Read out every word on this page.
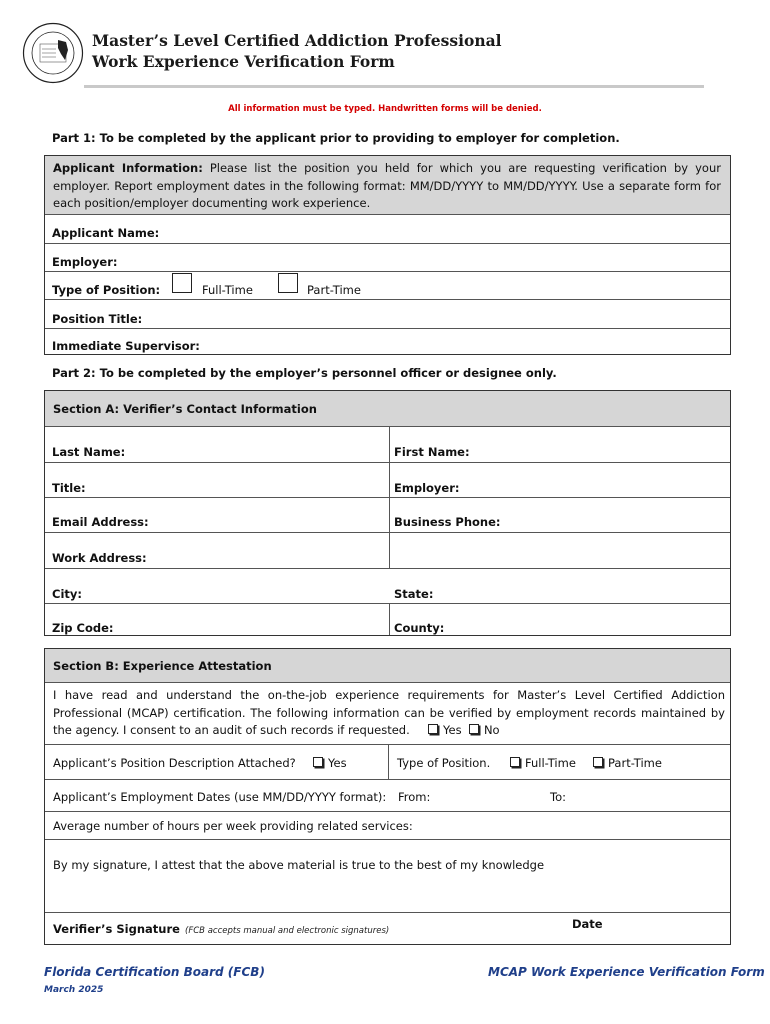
Master’s Level Certified Addiction Professional
Work Experience Verification Form
All information must be typed. Handwritten forms will be denied.
Part 1: To be completed by the applicant prior to providing to employer for completion.
Applicant Information: Please list the position you held for which you are requesting verification by your employer. Report employment dates in the following format: MM/DD/YYYY to MM/DD/YYYY. Use a separate form for each position/employer documenting work experience.
Applicant Name:
Employer:
Type of Position:	Full-Time	Part-Time
Position Title:
Immediate Supervisor:
Part 2: To be completed by the employer’s personnel officer or designee only.
Section A: Verifier’s Contact Information
Last Name:	First Name:
Title:	Employer:
Email Address:	Business Phone:
Work Address:
City:	State:
Zip Code:	County:
Section B: Experience Attestation
I have read and understand the on-the-job experience requirements for Master’s Level Certified Addiction Professional (MCAP) certification. The following information can be verified by employment records maintained by the agency. I consent to an audit of such records if requested.	Yes No
Applicant’s Position Description Attached?	Yes	Type of Position.	Full-Time	Part-Time
Applicant’s Employment Dates (use MM/DD/YYYY format): From:	To:
Average number of hours per week providing related services:
By my signature, I attest that the above material is true to the best of my knowledge
Verifier’s Signature (FCB accepts manual and electronic signatures)	Date
Florida Certification Board (FCB)
March 2025
MCAP Work Experience Verification Form
